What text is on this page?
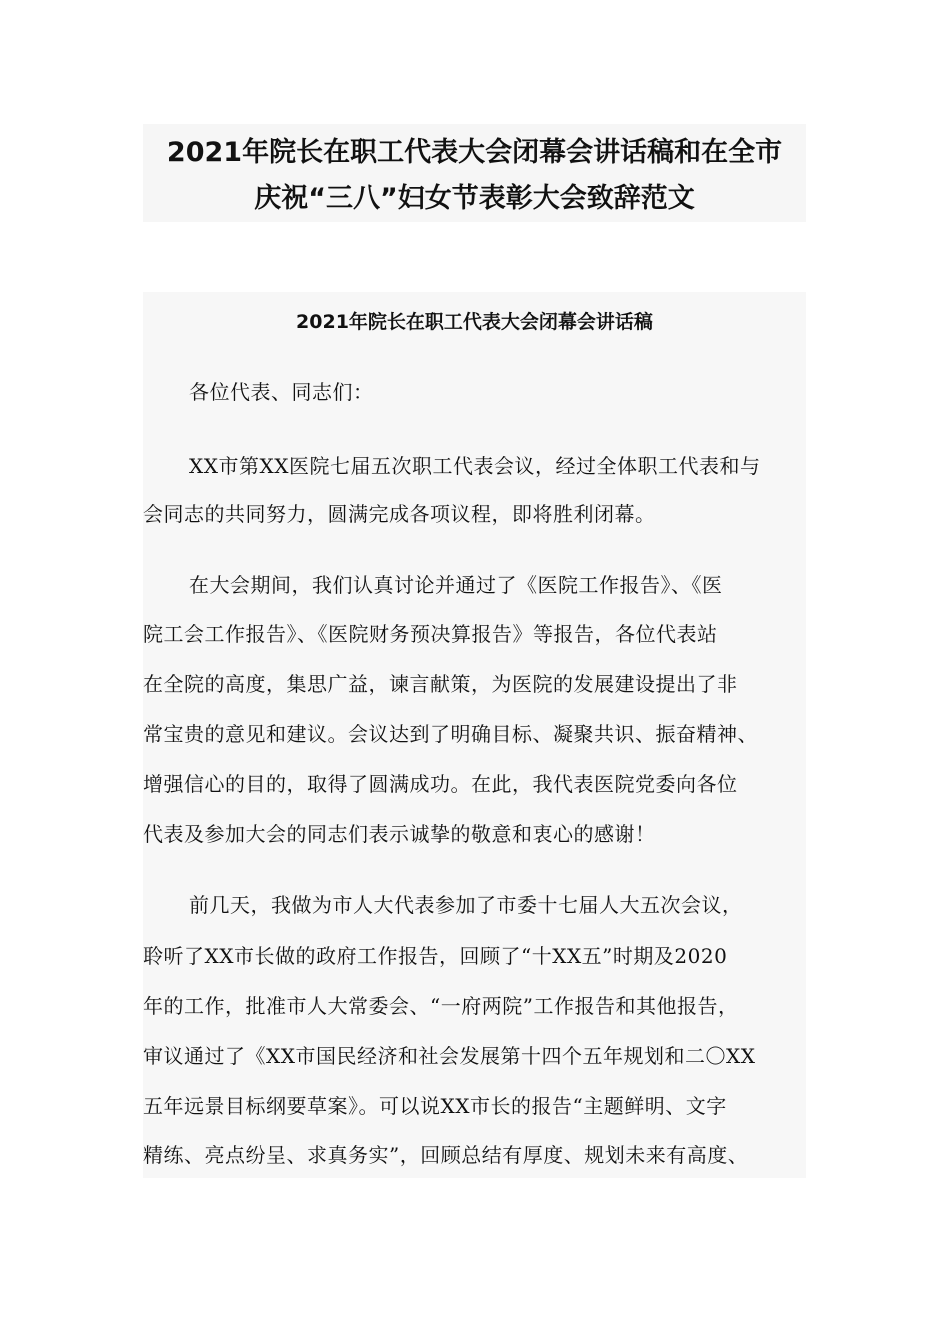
2021年院长在职工代表大会闭幕会讲话稿和在全市
庆祝“三八”妇女节表彰大会致辞范文
2021年院长在职工代表大会闭幕会讲话稿
各位代表、同志们：
XX市第XX医院七届五次职工代表会议，经过全体职工代表和与
会同志的共同努力，圆满完成各项议程，即将胜利闭幕。
在大会期间，我们认真讨论并通过了《医院工作报告》、《医
院工会工作报告》、《医院财务预决算报告》等报告，各位代表站
在全院的高度，集思广益，谏言献策，为医院的发展建设提出了非
常宝贵的意见和建议。会议达到了明确目标、凝聚共识、振奋精神、
增强信心的目的，取得了圆满成功。在此，我代表医院党委向各位
代表及参加大会的同志们表示诚挚的敬意和衷心的感谢！
前几天，我做为市人大代表参加了市委十七届人大五次会议，
聆听了XX市长做的政府工作报告，回顾了“十XX五”时期及2020
年的工作，批准市人大常委会、“一府两院”工作报告和其他报告，
审议通过了《XX市国民经济和社会发展第十四个五年规划和二〇XX
五年远景目标纲要草案》。可以说XX市长的报告“主题鲜明、文字
精练、亮点纷呈、求真务实”，回顾总结有厚度、规划未来有高度、
